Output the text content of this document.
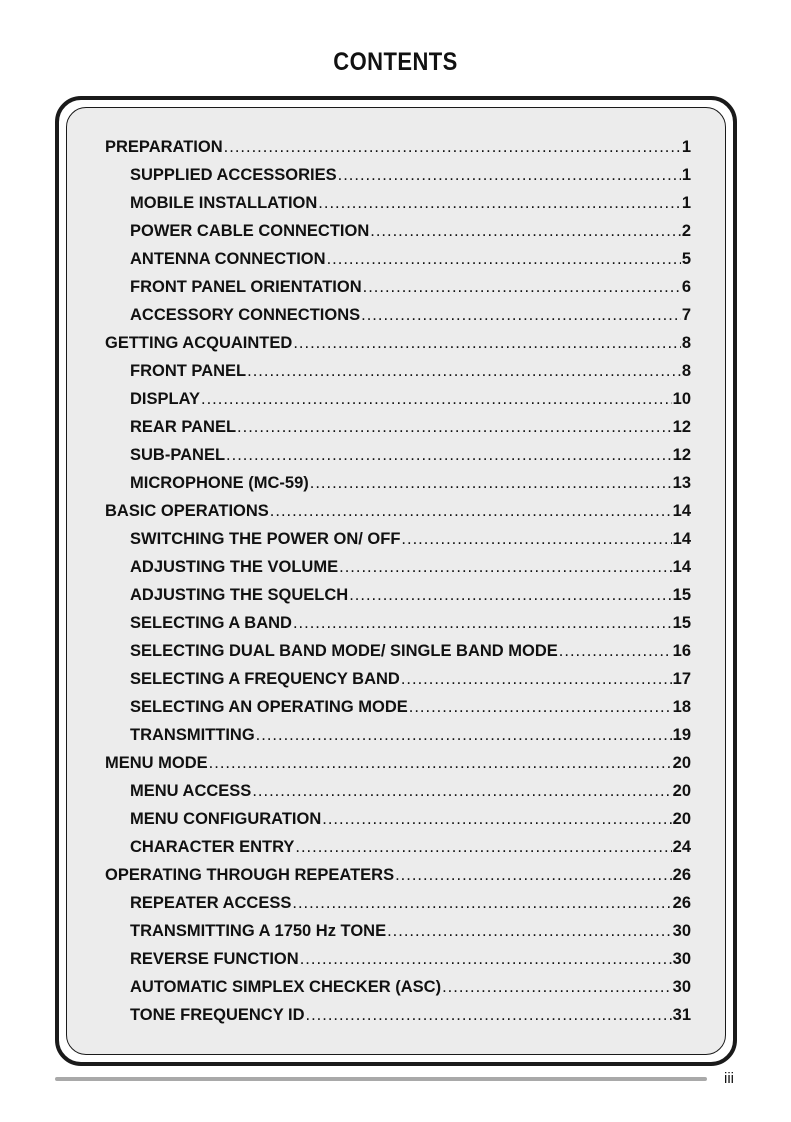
CONTENTS
PREPARATION .....	1
SUPPLIED ACCESSORIES .....	1
MOBILE INSTALLATION .....	1
POWER CABLE CONNECTION .....	2
ANTENNA CONNECTION .....	5
FRONT PANEL ORIENTATION .....	6
ACCESSORY CONNECTIONS .....	7
GETTING ACQUAINTED .....	8
FRONT PANEL .....	8
DISPLAY .....	10
REAR PANEL .....	12
SUB-PANEL .....	12
MICROPHONE (MC-59) .....	13
BASIC OPERATIONS .....	14
SWITCHING THE POWER ON/ OFF .....	14
ADJUSTING THE VOLUME .....	14
ADJUSTING THE SQUELCH .....	15
SELECTING A BAND .....	15
SELECTING DUAL BAND MODE/ SINGLE BAND MODE .....	16
SELECTING A FREQUENCY BAND .....	17
SELECTING AN OPERATING MODE .....	18
TRANSMITTING .....	19
MENU MODE .....	20
MENU ACCESS .....	20
MENU CONFIGURATION .....	20
CHARACTER ENTRY .....	24
OPERATING THROUGH REPEATERS .....	26
REPEATER ACCESS .....	26
TRANSMITTING A 1750 Hz TONE .....	30
REVERSE FUNCTION .....	30
AUTOMATIC SIMPLEX CHECKER (ASC) .....	30
TONE FREQUENCY ID .....	31
iii
